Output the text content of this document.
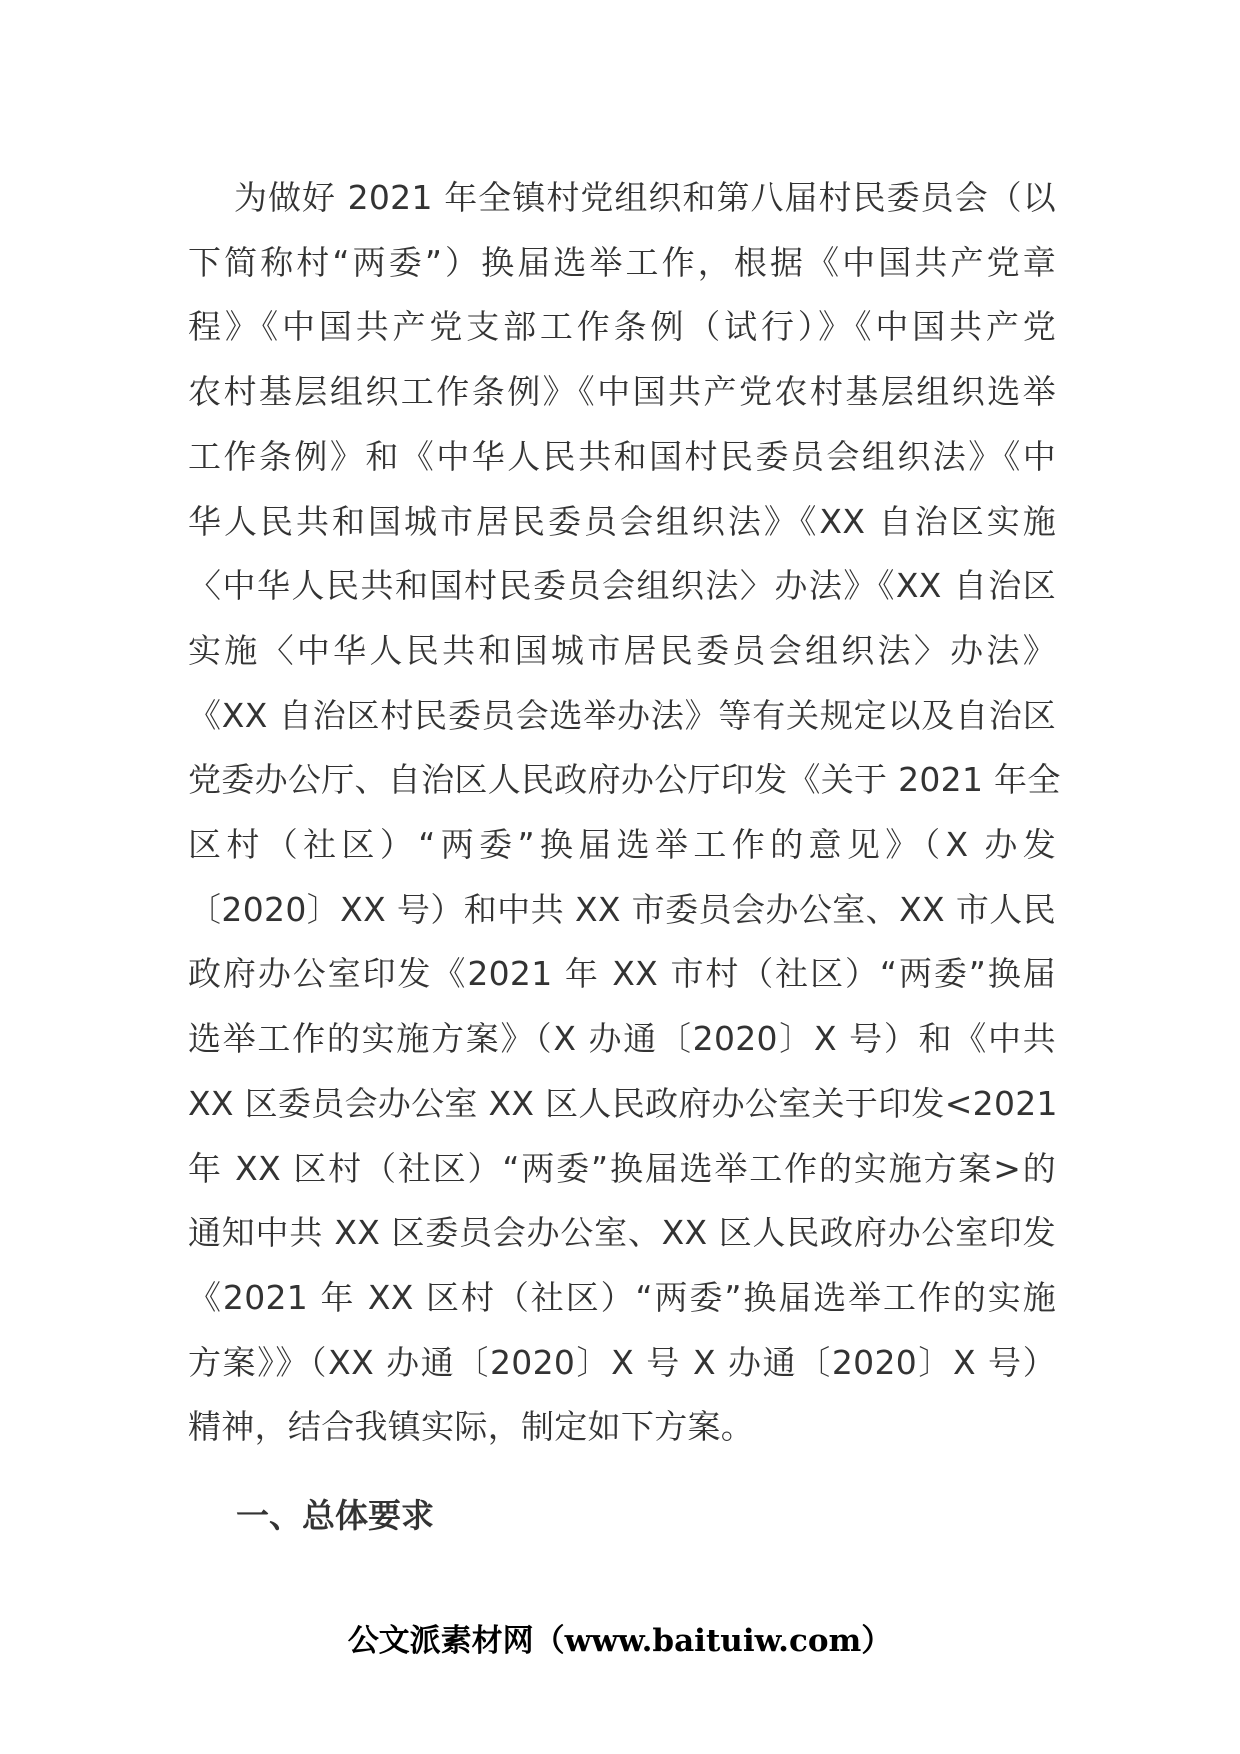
为做好 2021 年全镇村党组织和第八届村民委员会（以
下简称村“两委”）换届选举工作，根据《中国共产党章
程》《中国共产党支部工作条例（试行）》《中国共产党
农村基层组织工作条例》《中国共产党农村基层组织选举
工作条例》和《中华人民共和国村民委员会组织法》《中
华人民共和国城市居民委员会组织法》《XX 自治区实施
〈中华人民共和国村民委员会组织法〉办法》《XX 自治区
实施〈中华人民共和国城市居民委员会组织法〉办法》
《XX 自治区村民委员会选举办法》等有关规定以及自治区
党委办公厅、自治区人民政府办公厅印发《关于 2021 年全
区村（社区）“两委”换届选举工作的意见》（X 办发
〔2020〕XX 号）和中共 XX 市委员会办公室、XX 市人民
政府办公室印发《2021 年 XX 市村（社区）“两委”换届
选举工作的实施方案》（X 办通〔2020〕X 号）和《中共
XX 区委员会办公室 XX 区人民政府办公室关于印发<2021
年 XX 区村（社区）“两委”换届选举工作的实施方案>的
通知中共 XX 区委员会办公室、XX 区人民政府办公室印发
《2021 年 XX 区村（社区）“两委”换届选举工作的实施
方案》》（XX 办通〔2020〕X 号 X 办通〔2020〕X 号）
精神，结合我镇实际，制定如下方案。
一、总体要求

公文派素材网（www.baituiw.com）
